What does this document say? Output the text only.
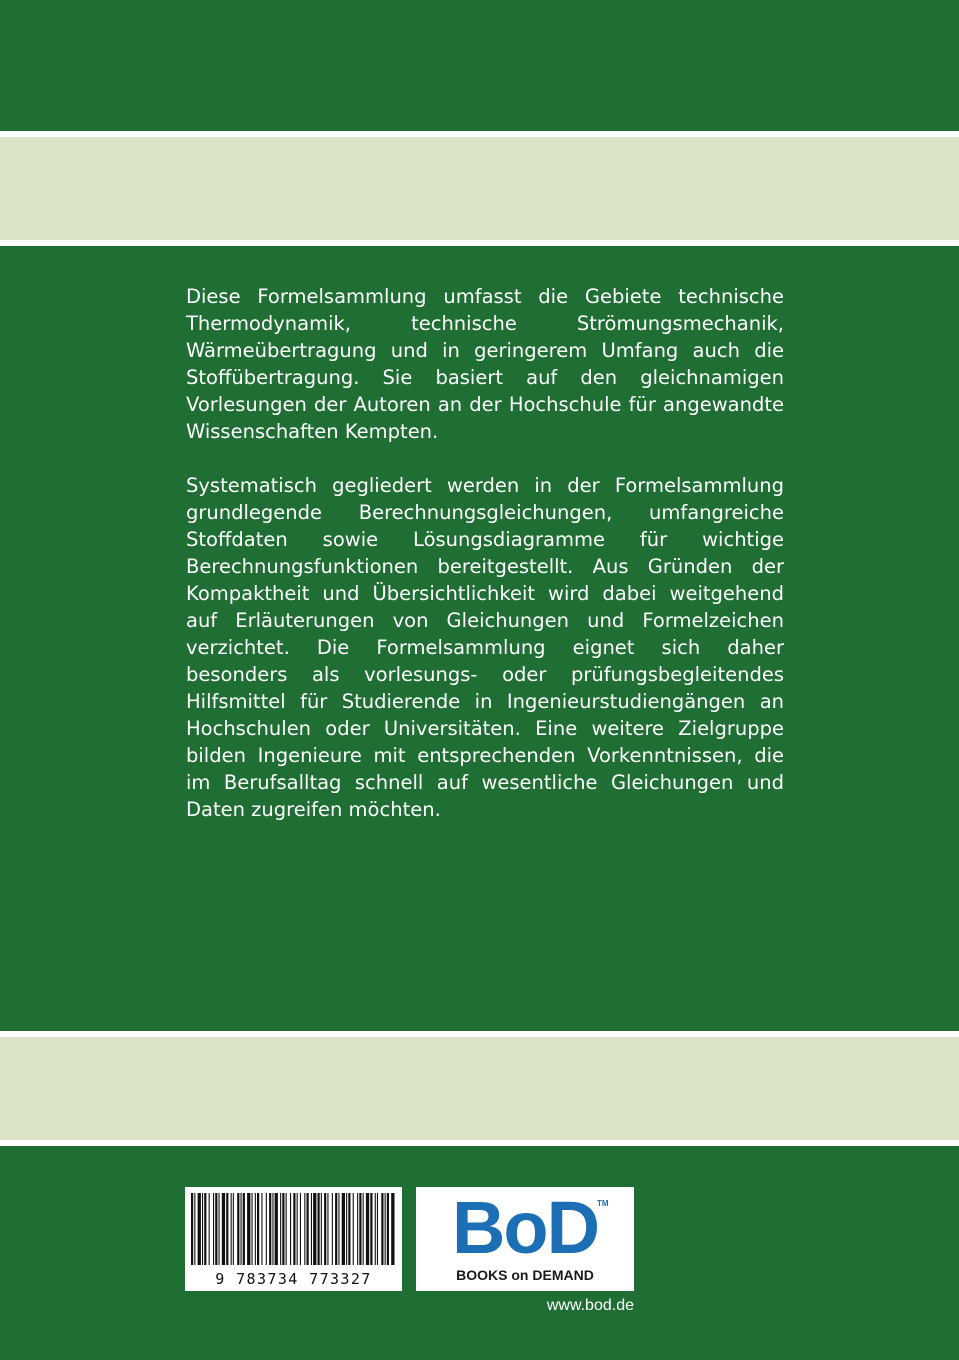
Diese Formelsammlung umfasst die Gebiete technische Thermodynamik, technische Strömungsmechanik, Wärmeübertragung und in geringerem Umfang auch die Stoffübertragung. Sie basiert auf den gleichnamigen Vorlesungen der Autoren an der Hochschule für angewandte Wissenschaften Kempten.

Systematisch gegliedert werden in der Formelsammlung grundlegende Berechnungsgleichungen, umfangreiche Stoffdaten sowie Lösungsdiagramme für wichtige Berechnungsfunktionen bereitgestellt. Aus Gründen der Kompaktheit und Übersichtlichkeit wird dabei weitgehend auf Erläuterungen von Gleichungen und Formelzeichen verzichtet. Die Formelsammlung eignet sich daher besonders als vorlesungs- oder prüfungsbegleitendes Hilfsmittel für Studierende in Ingenieurstudiengängen an Hochschulen oder Universitäten. Eine weitere Zielgruppe bilden Ingenieure mit entsprechenden Vorkenntnissen, die im Berufsalltag schnell auf wesentliche Gleichungen und Daten zugreifen möchten.

9 783734 773327
BoD
TM
BOOKS on DEMAND
www.bod.de
